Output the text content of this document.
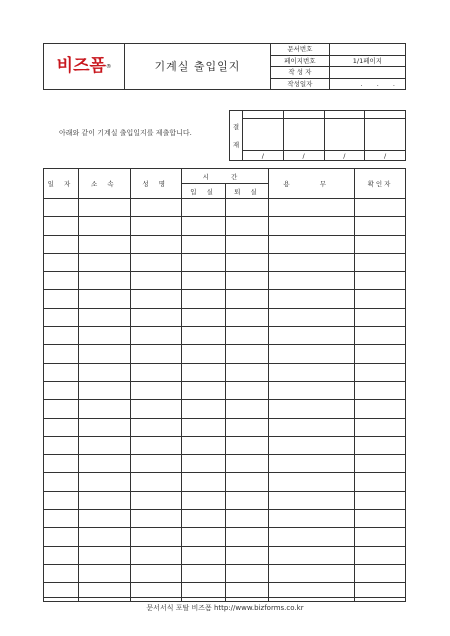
비즈폼®	기계실 출입일지	문서번호	
		페이지번호	1/1페이지
		작 성 자	
		작성일자	. . .
아래와 같이 기계실 출입일지를 제출합니다.
결
재				

	/	/	/	/
일 자	소 속	성 명	시 간		용 무	확인자
			입 실	퇴 실		

문서서식 포탈 비즈폼 http://www.bizforms.co.kr
